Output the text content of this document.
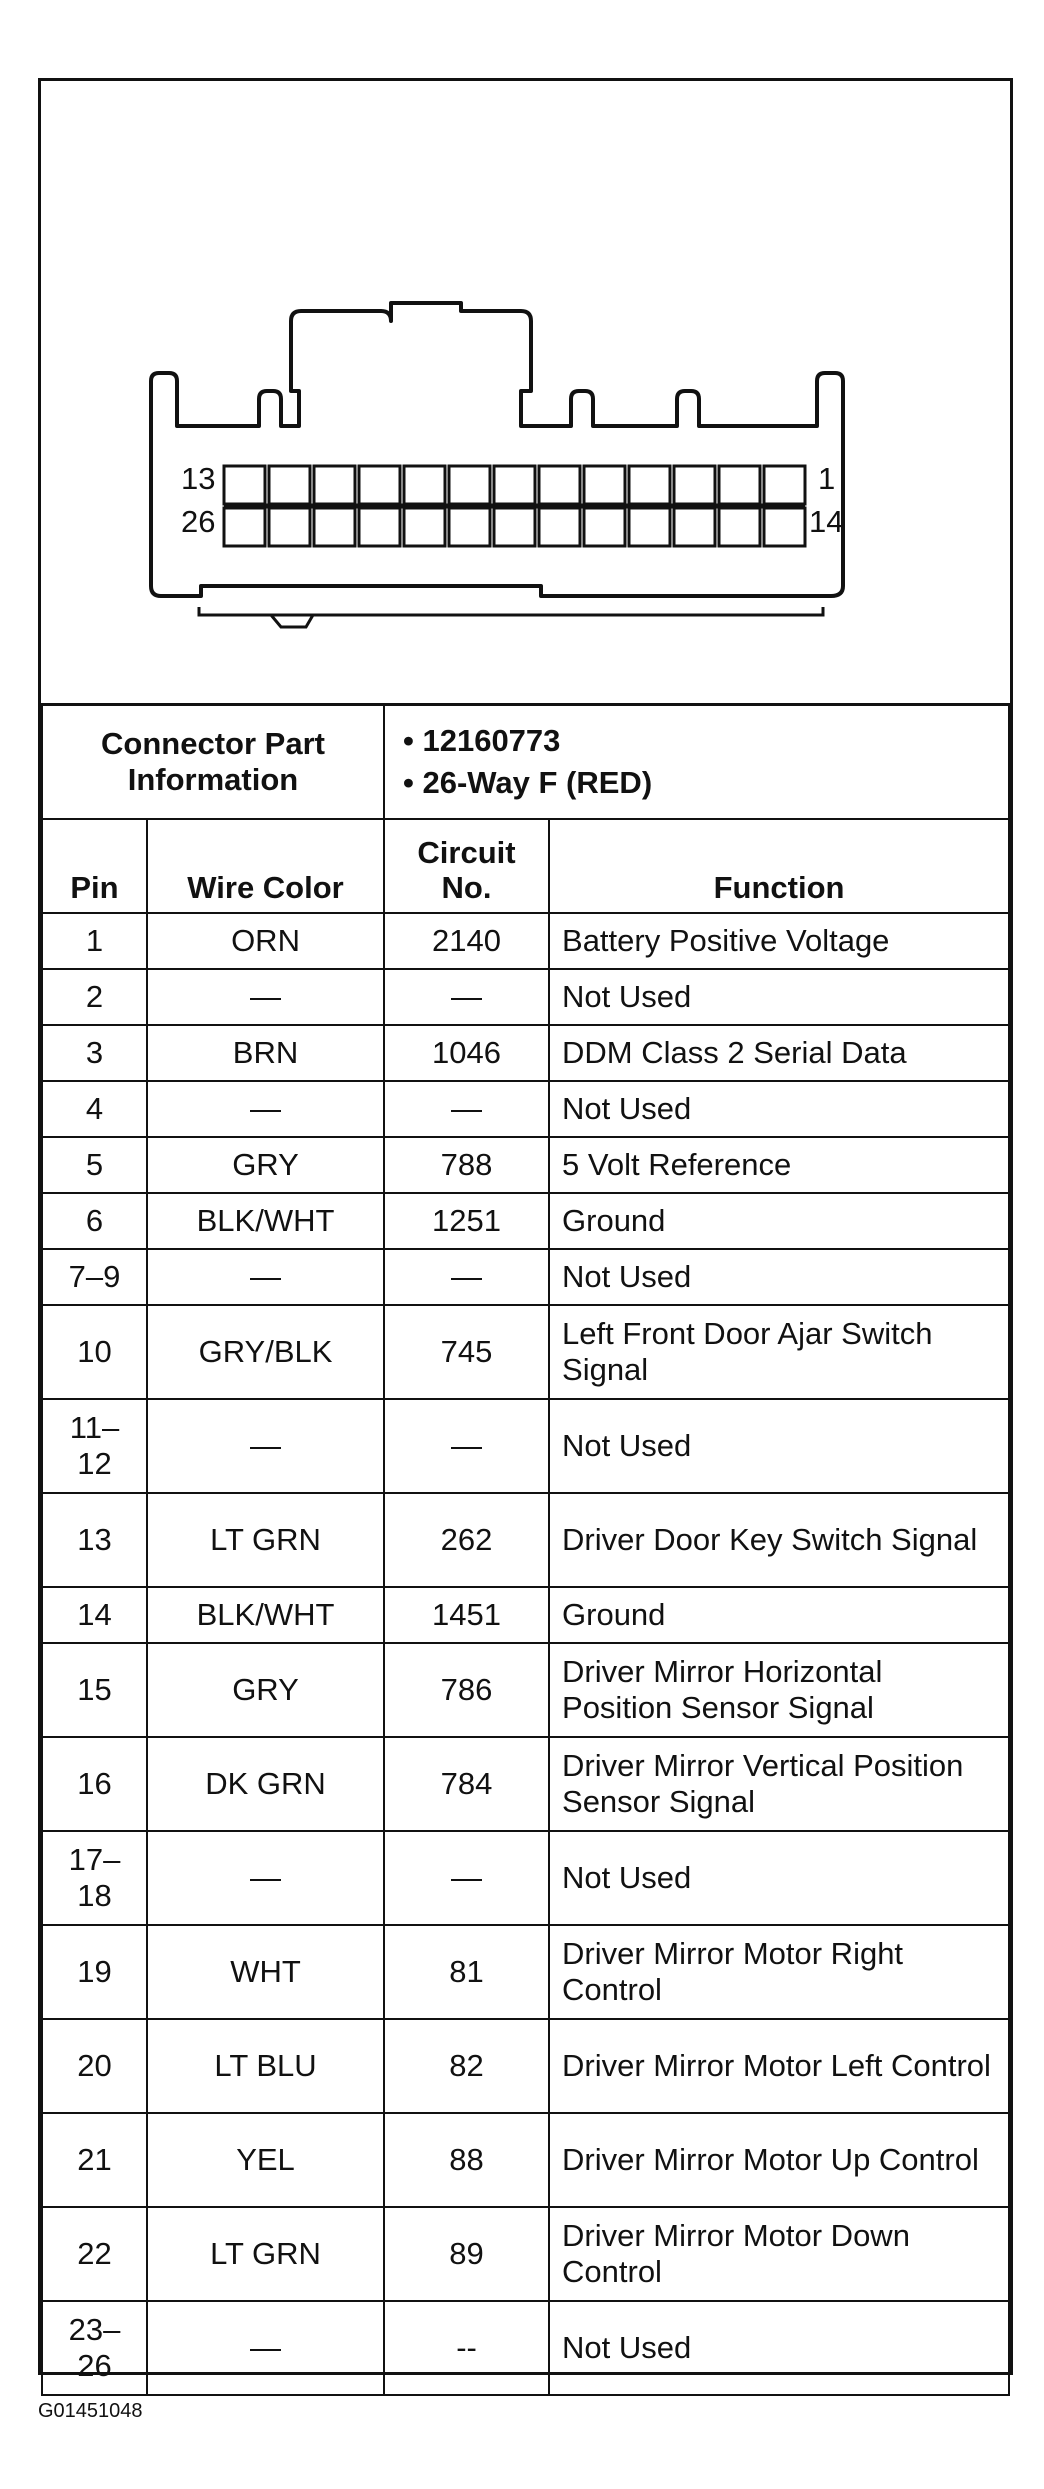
13
26
1
14
Connector Part Information		• 12160773
• 26-Way F (RED)	

Pin	Wire Color	Circuit No.	Function
1	ORN	2140	Battery Positive Voltage
2	—	—	Not Used
3	BRN	1046	DDM Class 2 Serial Data
4	—	—	Not Used
5	GRY	788	5 Volt Reference
6	BLK/WHT	1251	Ground
7–9	—	—	Not Used
10	GRY/BLK	745	Left Front Door Ajar Switch Signal
11–12	—	—	Not Used
13	LT GRN	262	Driver Door Key Switch Signal
14	BLK/WHT	1451	Ground
15	GRY	786	Driver Mirror Horizontal Position Sensor Signal
16	DK GRN	784	Driver Mirror Vertical Position Sensor Signal
17–18	—	—	Not Used
19	WHT	81	Driver Mirror Motor Right Control
20	LT BLU	82	Driver Mirror Motor Left Control
21	YEL	88	Driver Mirror Motor Up Control
22	LT GRN	89	Driver Mirror Motor Down Control
23–26	—	--	Not Used
G01451048
